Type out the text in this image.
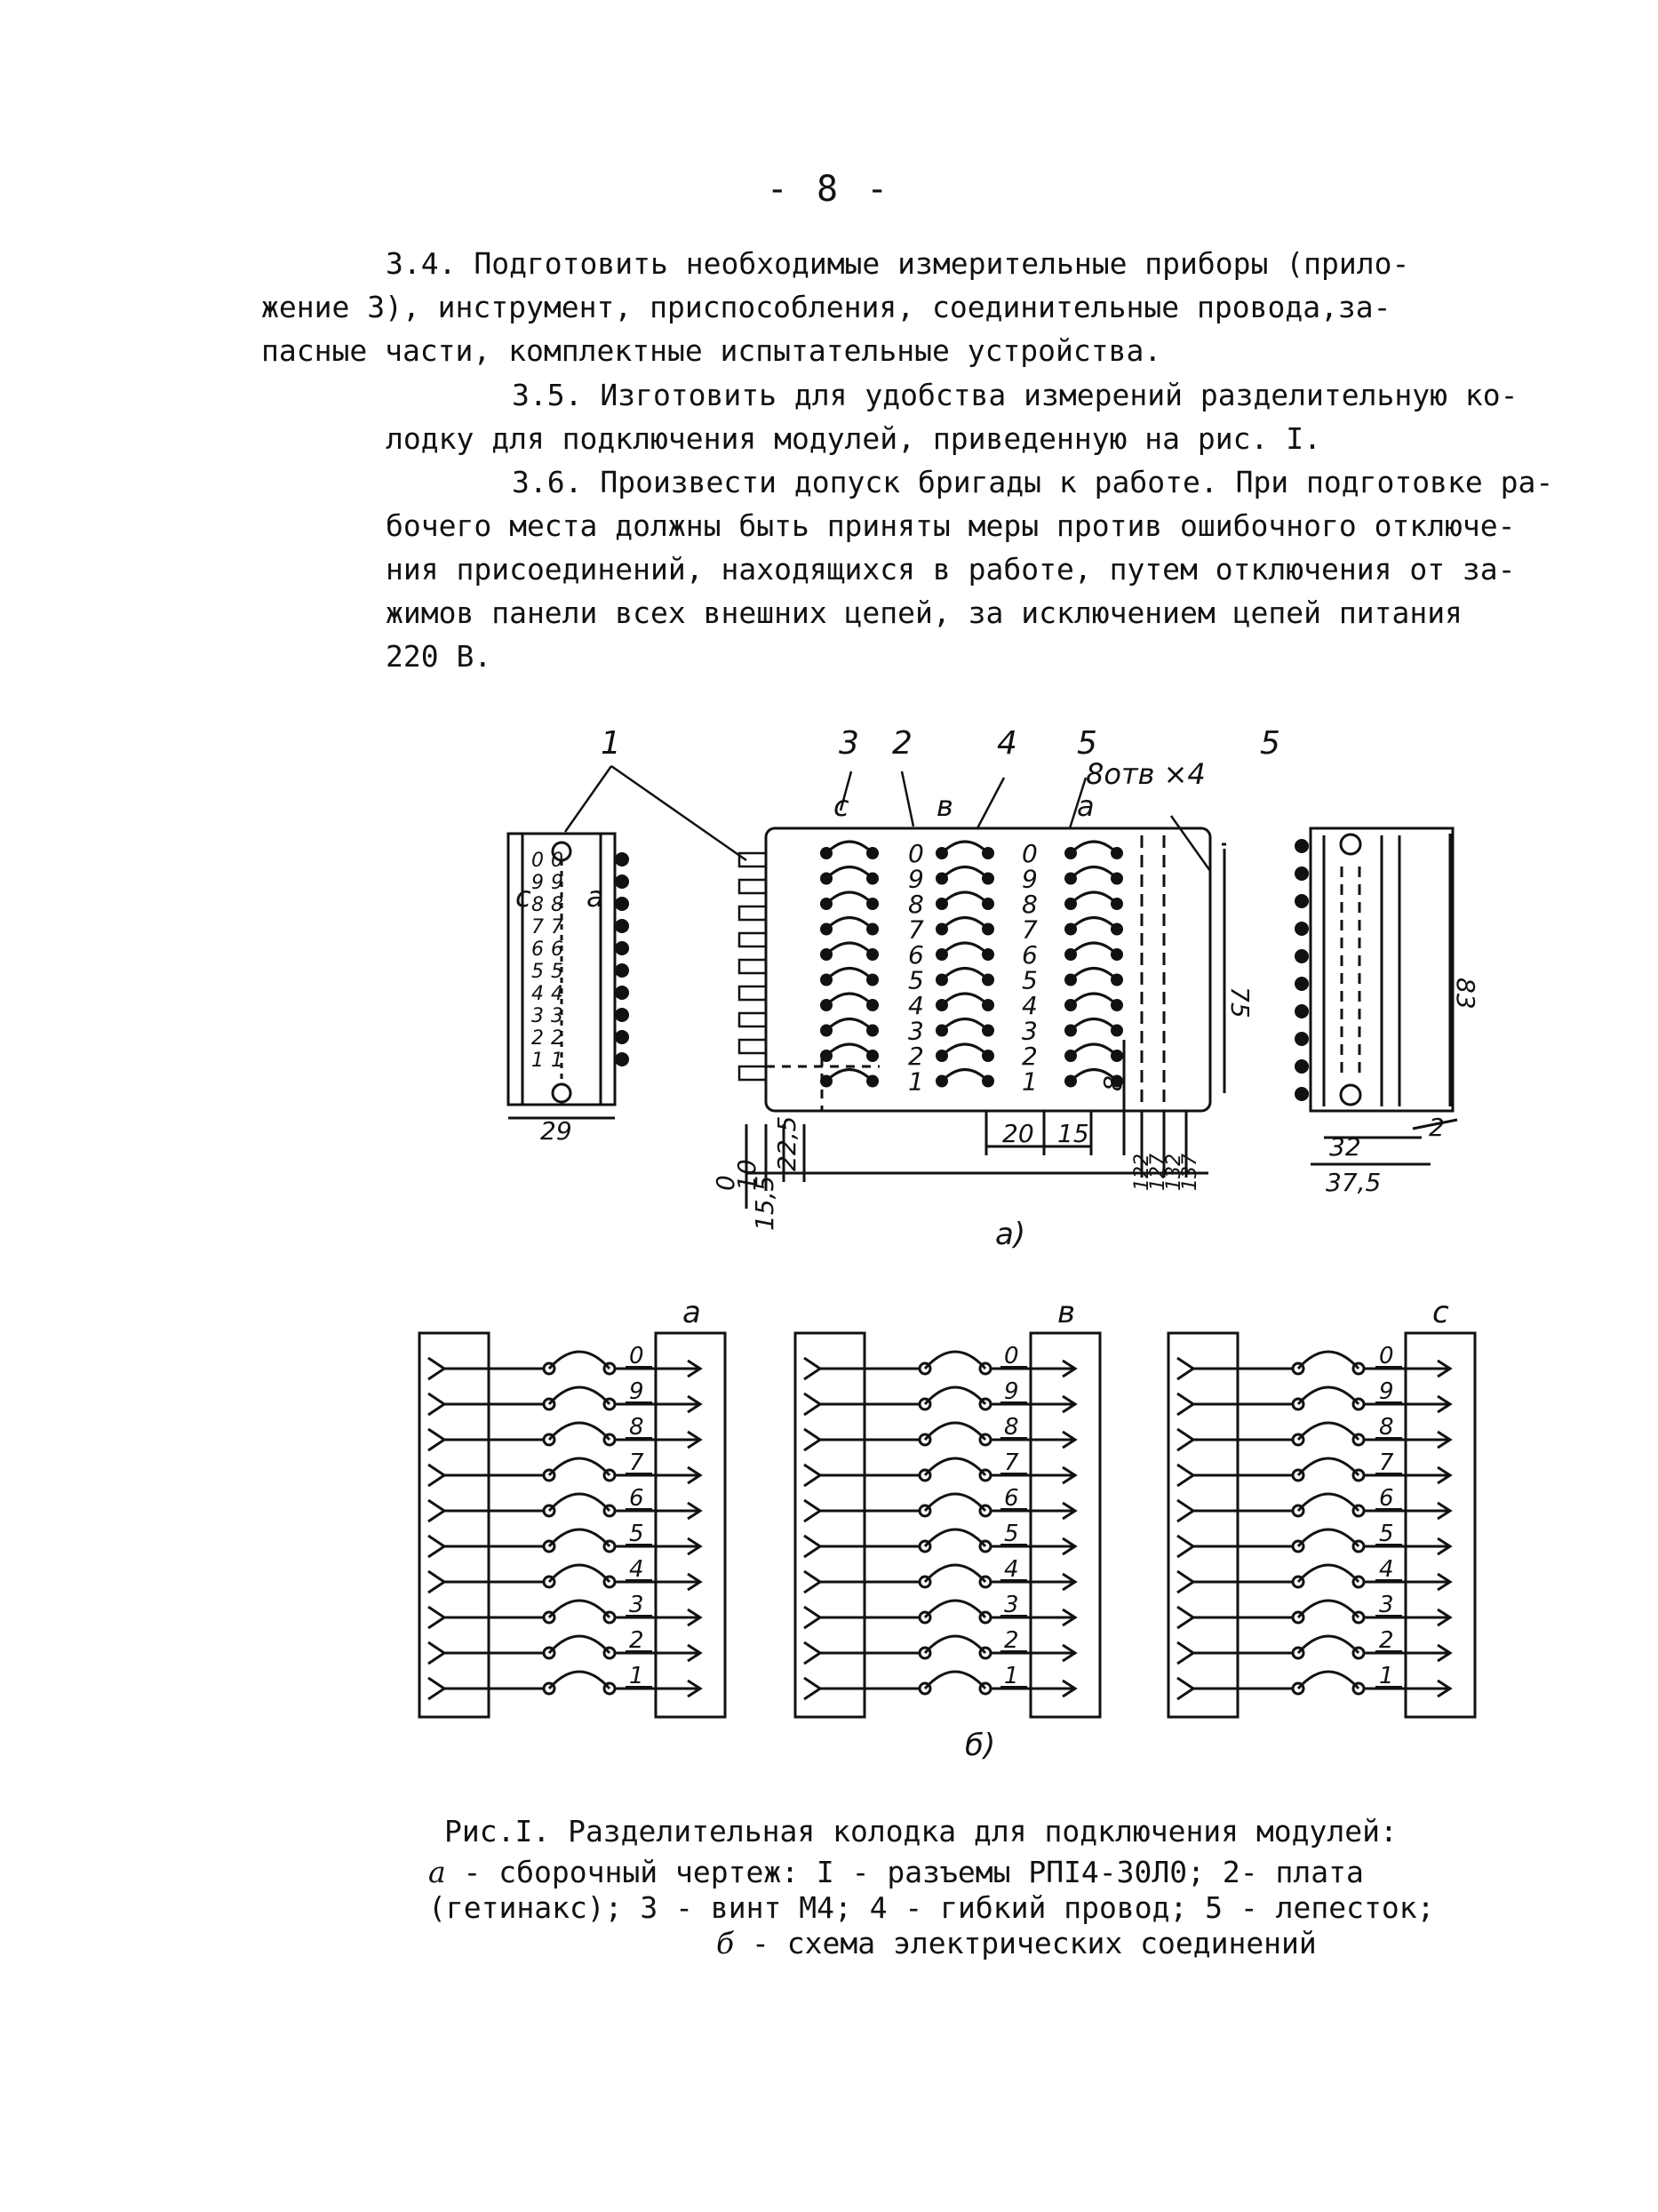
- 8 -
3.4. Подготовить необходимые измерительные приборы (прило-
жение 3), инструмент, приспособления, соединительные провода,за-
пасные части, комплектные испытательные устройства.
3.5. Изготовить для удобства измерений разделительную ко-
лодку для подключения модулей, приведенную на рис. I.
3.6. Произвести допуск бригады к работе. При подготовке ра-
бочего места должны быть приняты меры против ошибочного отключе-
ния присоединений, находящихся в работе, путем отключения от за-
жимов панели всех внешних цепей, за исключением цепей питания
220 В.
0 0
9 9
8 8
7 7
6 6
5 5
4 4
3 3
2 2
1 1
0	0
9	9
8	8
7	7
6	6
5	5
4	4
3	3
2	2
1	1
а
0
9
8
7
6
5
4
3
2
1
в
0
9
8
7
6
5
4
3
2
1
с
0
9
8
7
6
5
4
3
2
1
1	3 2	4 5	5
8отв ×4
с	в	а
с а
29
75	83
20 15
8
0
10
15,5
22,5
122
127
132
137
32
37,5
2
а)
б)
Рис.I. Разделительная колодка для подключения модулей:
а - сборочный чертеж: I - разъемы РПI4-30Л0; 2- плата
(гетинакс); 3 - винт М4; 4 - гибкий провод; 5 - лепесток;
б - схема электрических соединений
